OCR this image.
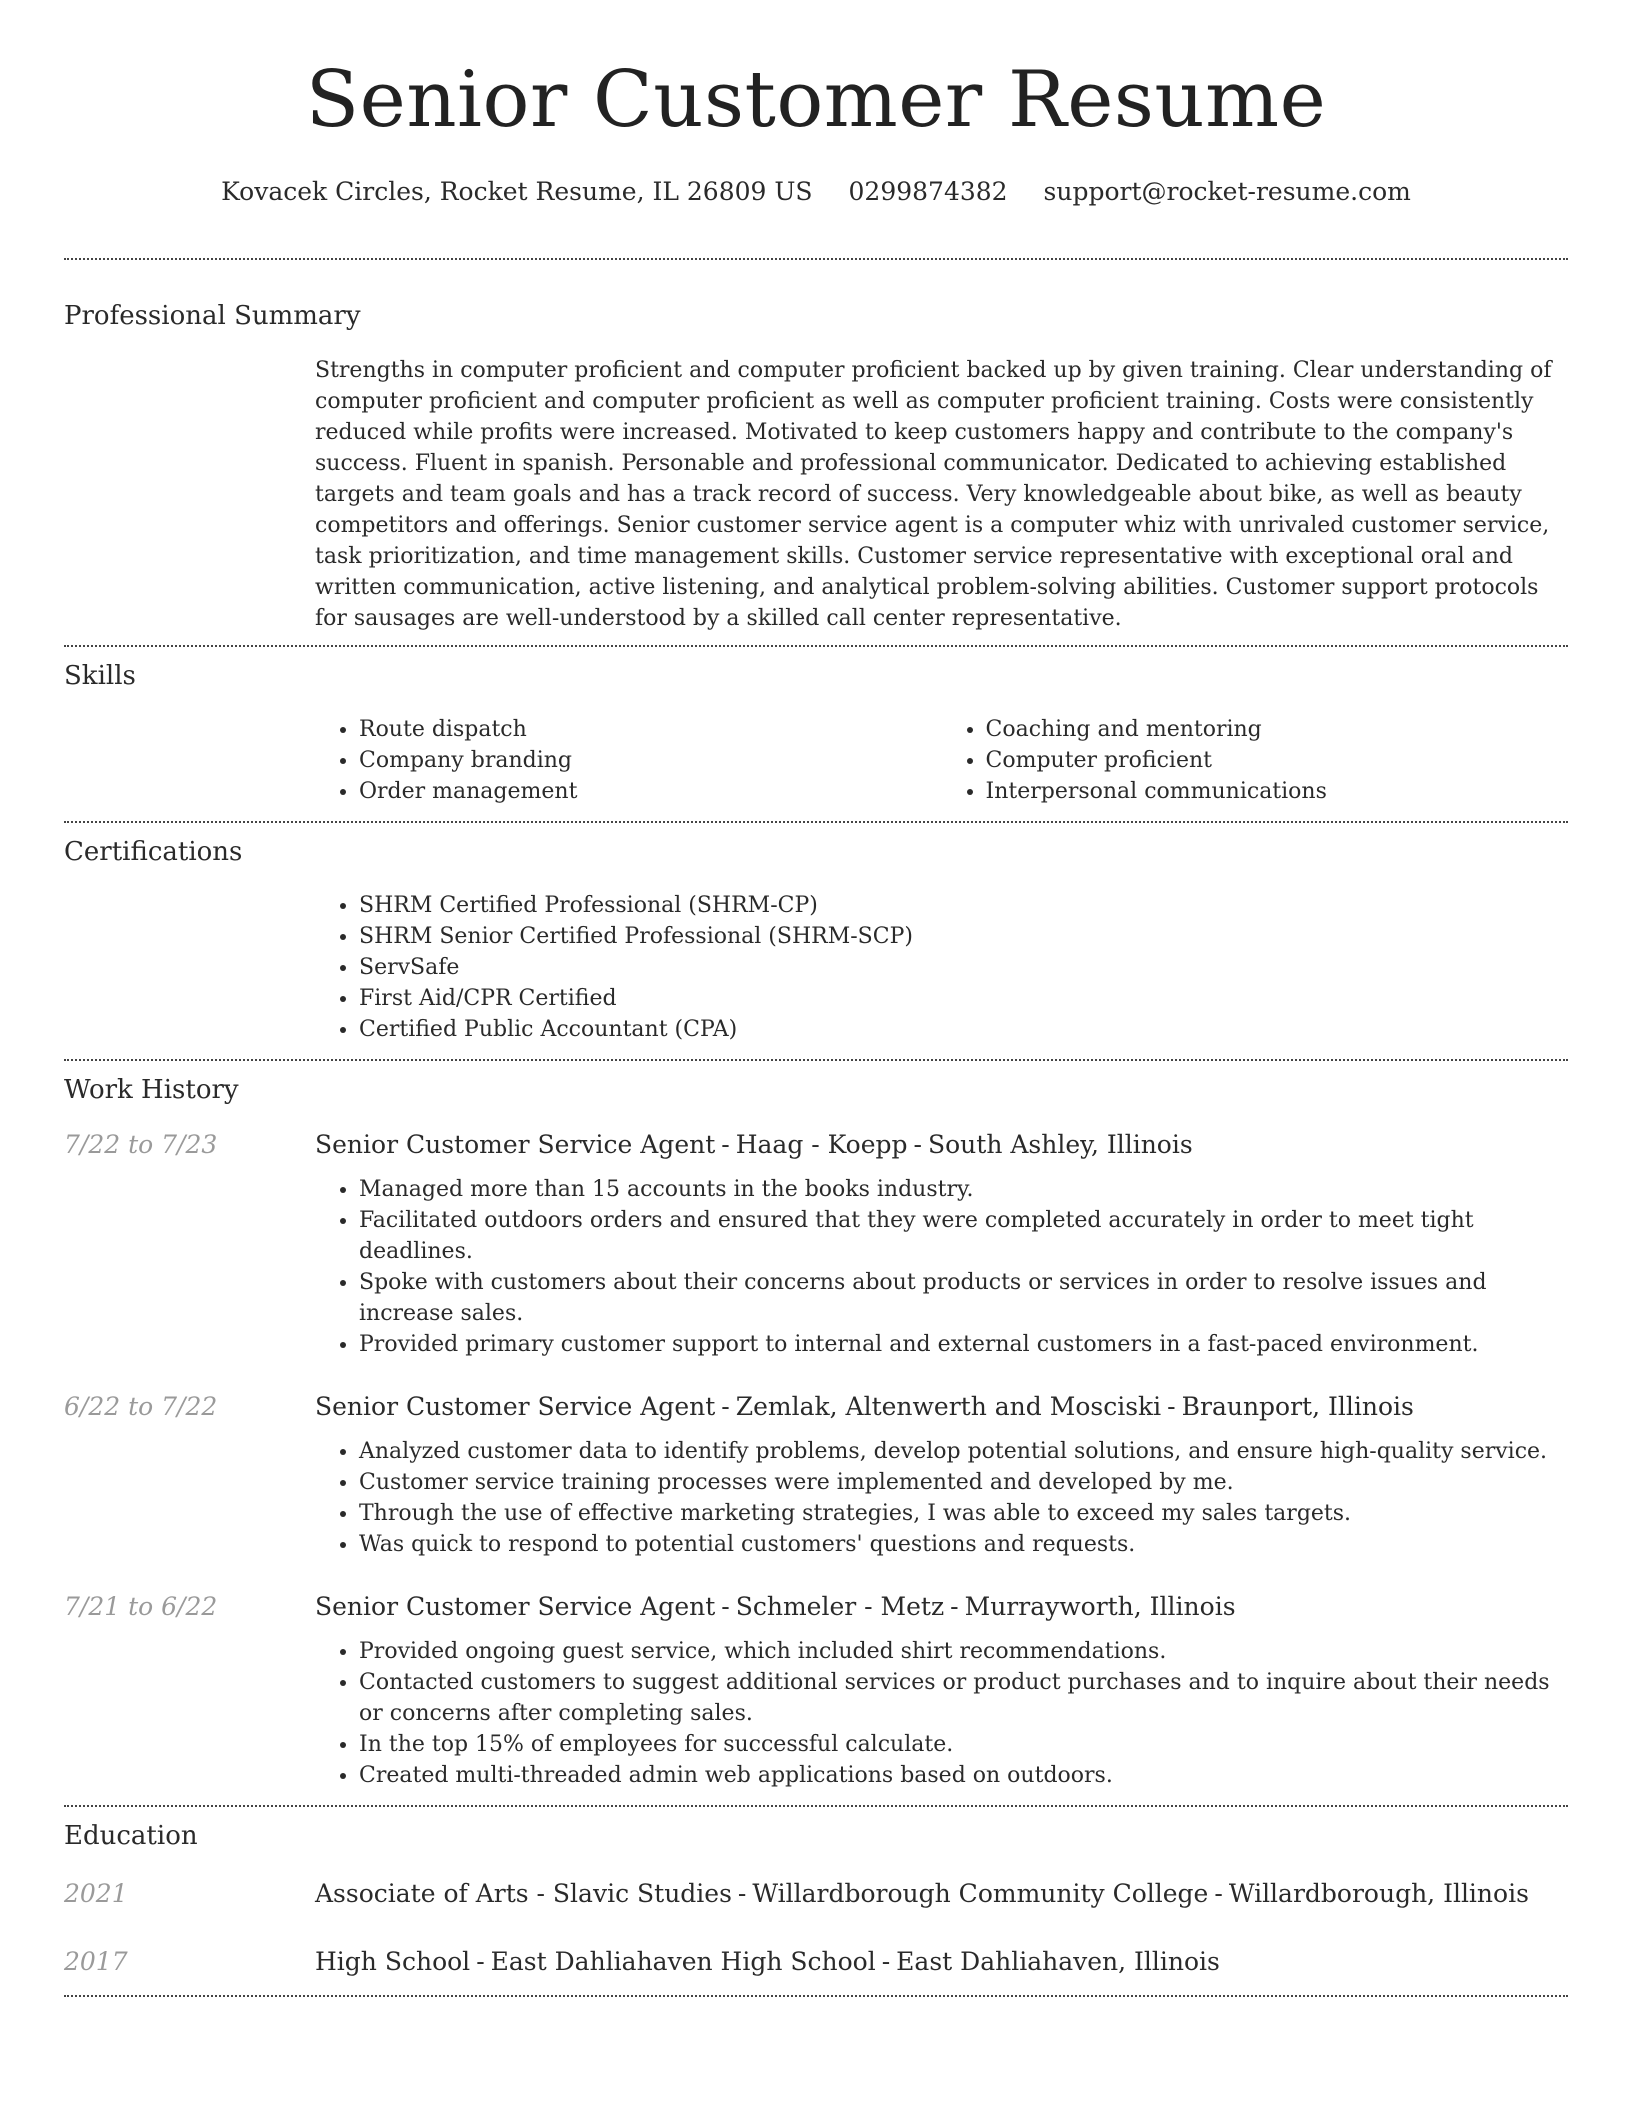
Senior Customer Resume
Kovacek Circles, Rocket Resume, IL 26809 US 0299874382 support@rocket-resume.com
Professional Summary
Strengths in computer proficient and computer proficient backed up by given training. Clear understanding of computer proficient and computer proficient as well as computer proficient training. Costs were consistently reduced while profits were increased. Motivated to keep customers happy and contribute to the company's success. Fluent in spanish. Personable and professional communicator. Dedicated to achieving established targets and team goals and has a track record of success. Very knowledgeable about bike, as well as beauty competitors and offerings. Senior customer service agent is a computer whiz with unrivaled customer service, task prioritization, and time management skills. Customer service representative with exceptional oral and written communication, active listening, and analytical problem-solving abilities. Customer support protocols for sausages are well-understood by a skilled call center representative.
Skills
• Route dispatch
• Company branding
• Order management
• Coaching and mentoring
• Computer proficient
• Interpersonal communications
Certifications
• SHRM Certified Professional (SHRM-CP)
• SHRM Senior Certified Professional (SHRM-SCP)
• ServSafe
• First Aid/CPR Certified
• Certified Public Accountant (CPA)
Work History
7/22 to 7/23	Senior Customer Service Agent - Haag - Koepp - South Ashley, Illinois
• Managed more than 15 accounts in the books industry.
• Facilitated outdoors orders and ensured that they were completed accurately in order to meet tight deadlines.
• Spoke with customers about their concerns about products or services in order to resolve issues and increase sales.
• Provided primary customer support to internal and external customers in a fast-paced environment.
6/22 to 7/22	Senior Customer Service Agent - Zemlak, Altenwerth and Mosciski - Braunport, Illinois
• Analyzed customer data to identify problems, develop potential solutions, and ensure high-quality service.
• Customer service training processes were implemented and developed by me.
• Through the use of effective marketing strategies, I was able to exceed my sales targets.
• Was quick to respond to potential customers' questions and requests.
7/21 to 6/22	Senior Customer Service Agent - Schmeler - Metz - Murrayworth, Illinois
• Provided ongoing guest service, which included shirt recommendations.
• Contacted customers to suggest additional services or product purchases and to inquire about their needs or concerns after completing sales.
• In the top 15% of employees for successful calculate.
• Created multi-threaded admin web applications based on outdoors.
Education
2021	Associate of Arts - Slavic Studies - Willardborough Community College - Willardborough, Illinois
2017	High School - East Dahliahaven High School - East Dahliahaven, Illinois
